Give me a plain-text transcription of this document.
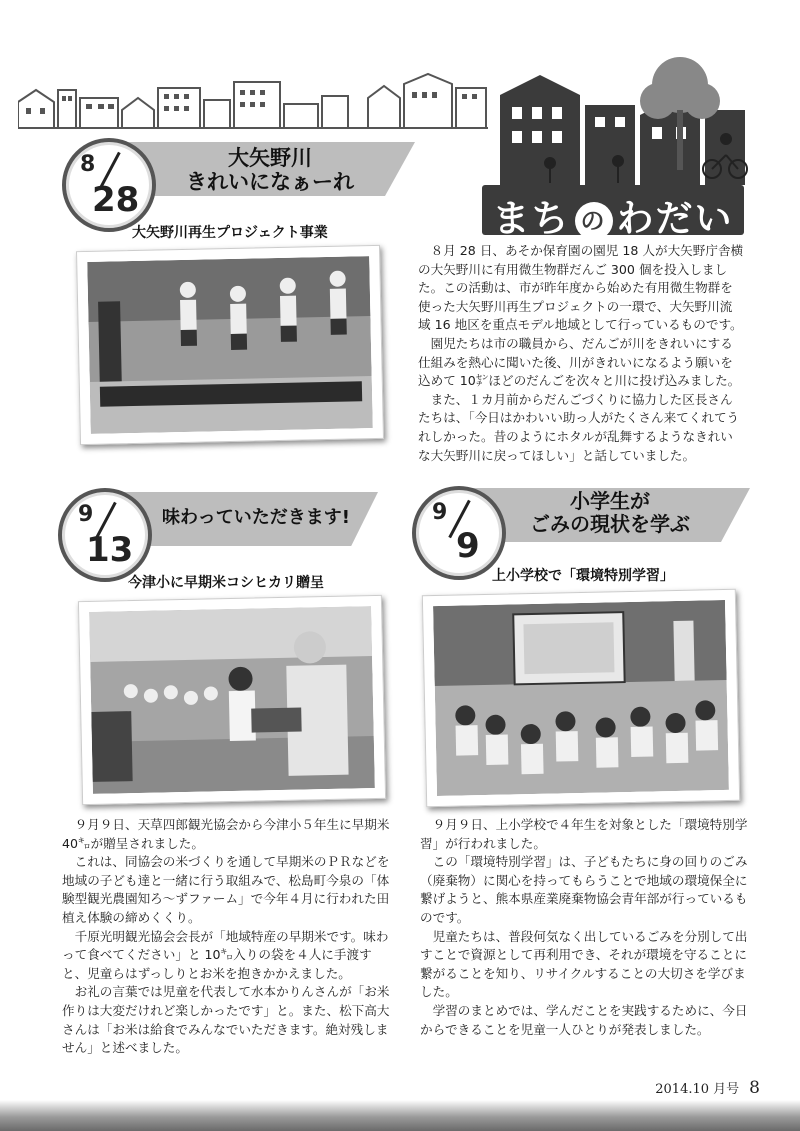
まち の わだい
大矢野川
きれいになぁーれ
8
28
大矢野川再生プロジェクト事業

８月 28 日、あそか保育園の園児 18 人が大矢野庁舎横の大矢野川に有用微生物群だんご 300 個を投入しました。この活動は、市が昨年度から始めた有用微生物群を使った大矢野川再生プロジェクトの一環で、大矢野川流域 16 地区を重点モデル地域として行っているものです。

園児たちは市の職員から、だんごが川をきれいにする仕組みを熱心に聞いた後、川がきれいになるよう願いを込めて 10㌢ほどのだんごを次々と川に投げ込みました。

また、１カ月前からだんごづくりに協力した区長さんたちは、「今日はかわいい助っ人がたくさん来てくれてうれしかった。昔のようにホタルが乱舞するようなきれいな大矢野川に戻ってほしい」と話していました。

味わっていただきます!
9
13
今津小に早期米コシヒカリ贈呈

９月９日、天草四郎観光協会から今津小５年生に早期米 40㌔が贈呈されました。

これは、同協会の米づくりを通して早期米のＰＲなどを地域の子ども達と一緒に行う取組みで、松島町今泉の「体験型観光農園知ろ～ずファーム」で今年４月に行われた田植え体験の締めくくり。

千原光明観光協会会長が「地域特産の早期米です。味わって食べてください」と 10㌔入りの袋を４人に手渡すと、児童らはずっしりとお米を抱きかかえました。

お礼の言葉では児童を代表して水本かりんさんが「お米作りは大変だけれど楽しかったです」と。また、松下高大さんは「お米は給食でみんなでいただきます。絶対残しません」と述べました。

小学生が
ごみの現状を学ぶ
9
9
上小学校で「環境特別学習」

９月９日、上小学校で４年生を対象とした「環境特別学習」が行われました。

この「環境特別学習」は、子どもたちに身の回りのごみ（廃棄物）に関心を持ってもらうことで地域の環境保全に繋げようと、熊本県産業廃棄物協会青年部が行っているものです。

児童たちは、普段何気なく出しているごみを分別して出すことで資源として再利用でき、それが環境を守ることに繋がることを知り、リサイクルすることの大切さを学びました。

学習のまとめでは、学んだことを実践するために、今日からできることを児童一人ひとりが発表しました。

2014.10 月号 8
